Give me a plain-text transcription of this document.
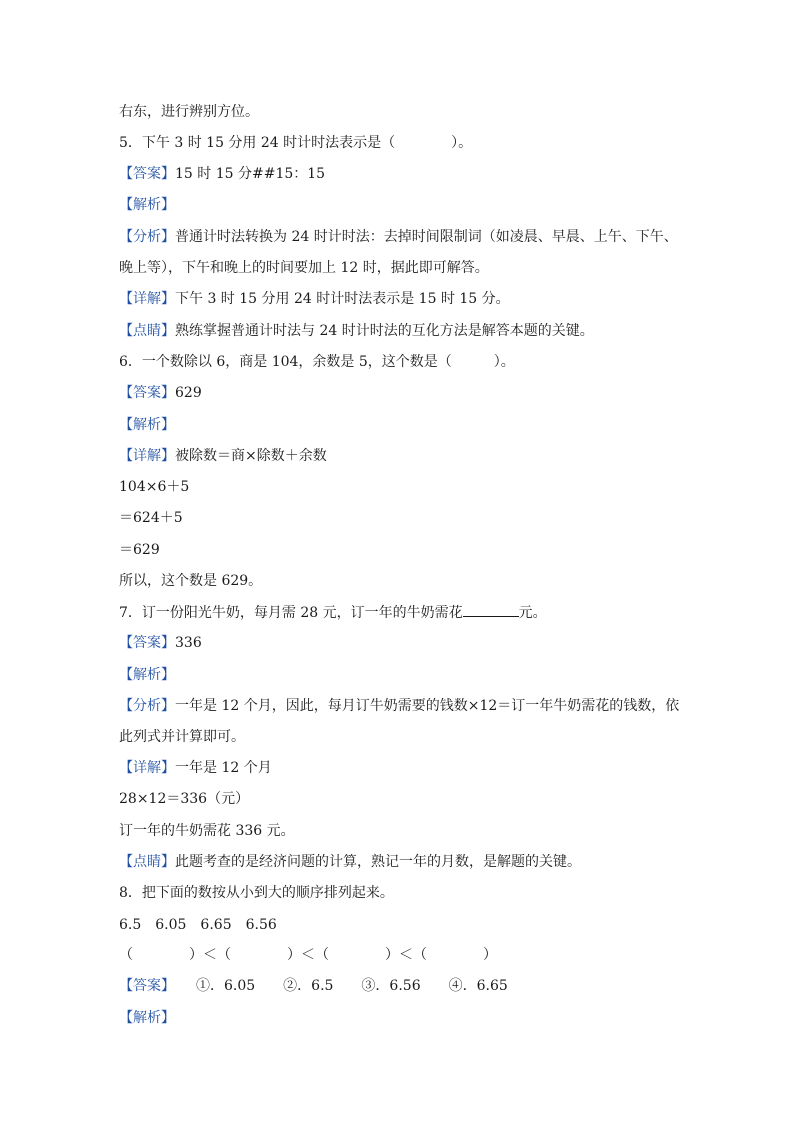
右东，进行辨别方位。
5．下午 3 时 15 分用 24 时计时法表示是（　　　　）。
【答案】15 时 15 分##15：15
【解析】
【分析】普通计时法转换为 24 时计时法：去掉时间限制词（如凌晨、早晨、上午、下午、
晚上等），下午和晚上的时间要加上 12 时，据此即可解答。
【详解】下午 3 时 15 分用 24 时计时法表示是 15 时 15 分。
【点睛】熟练掌握普通计时法与 24 时计时法的互化方法是解答本题的关键。
6．一个数除以 6，商是 104，余数是 5，这个数是（　　　）。
【答案】629
【解析】
【详解】被除数＝商×除数＋余数
104×6＋5
＝624＋5
＝629
所以，这个数是 629。
7．订一份阳光牛奶，每月需 28 元，订一年的牛奶需花	元。
【答案】336
【解析】
【分析】一年是 12 个月，因此，每月订牛奶需要的钱数×12＝订一年牛奶需花的钱数，依
此列式并计算即可。
【详解】一年是 12 个月
28×12＝336（元）
订一年的牛奶需花 336 元。
【点睛】此题考查的是经济问题的计算，熟记一年的月数，是解题的关键。
8．把下面的数按从小到大的顺序排列起来。
6.5　6.05　6.65　6.56
（　　　　）＜（　　　　）＜（　　　　）＜（　　　　）
【答案】　　①．6.05　　②．6.5　　③．6.56　　④．6.65
【解析】
